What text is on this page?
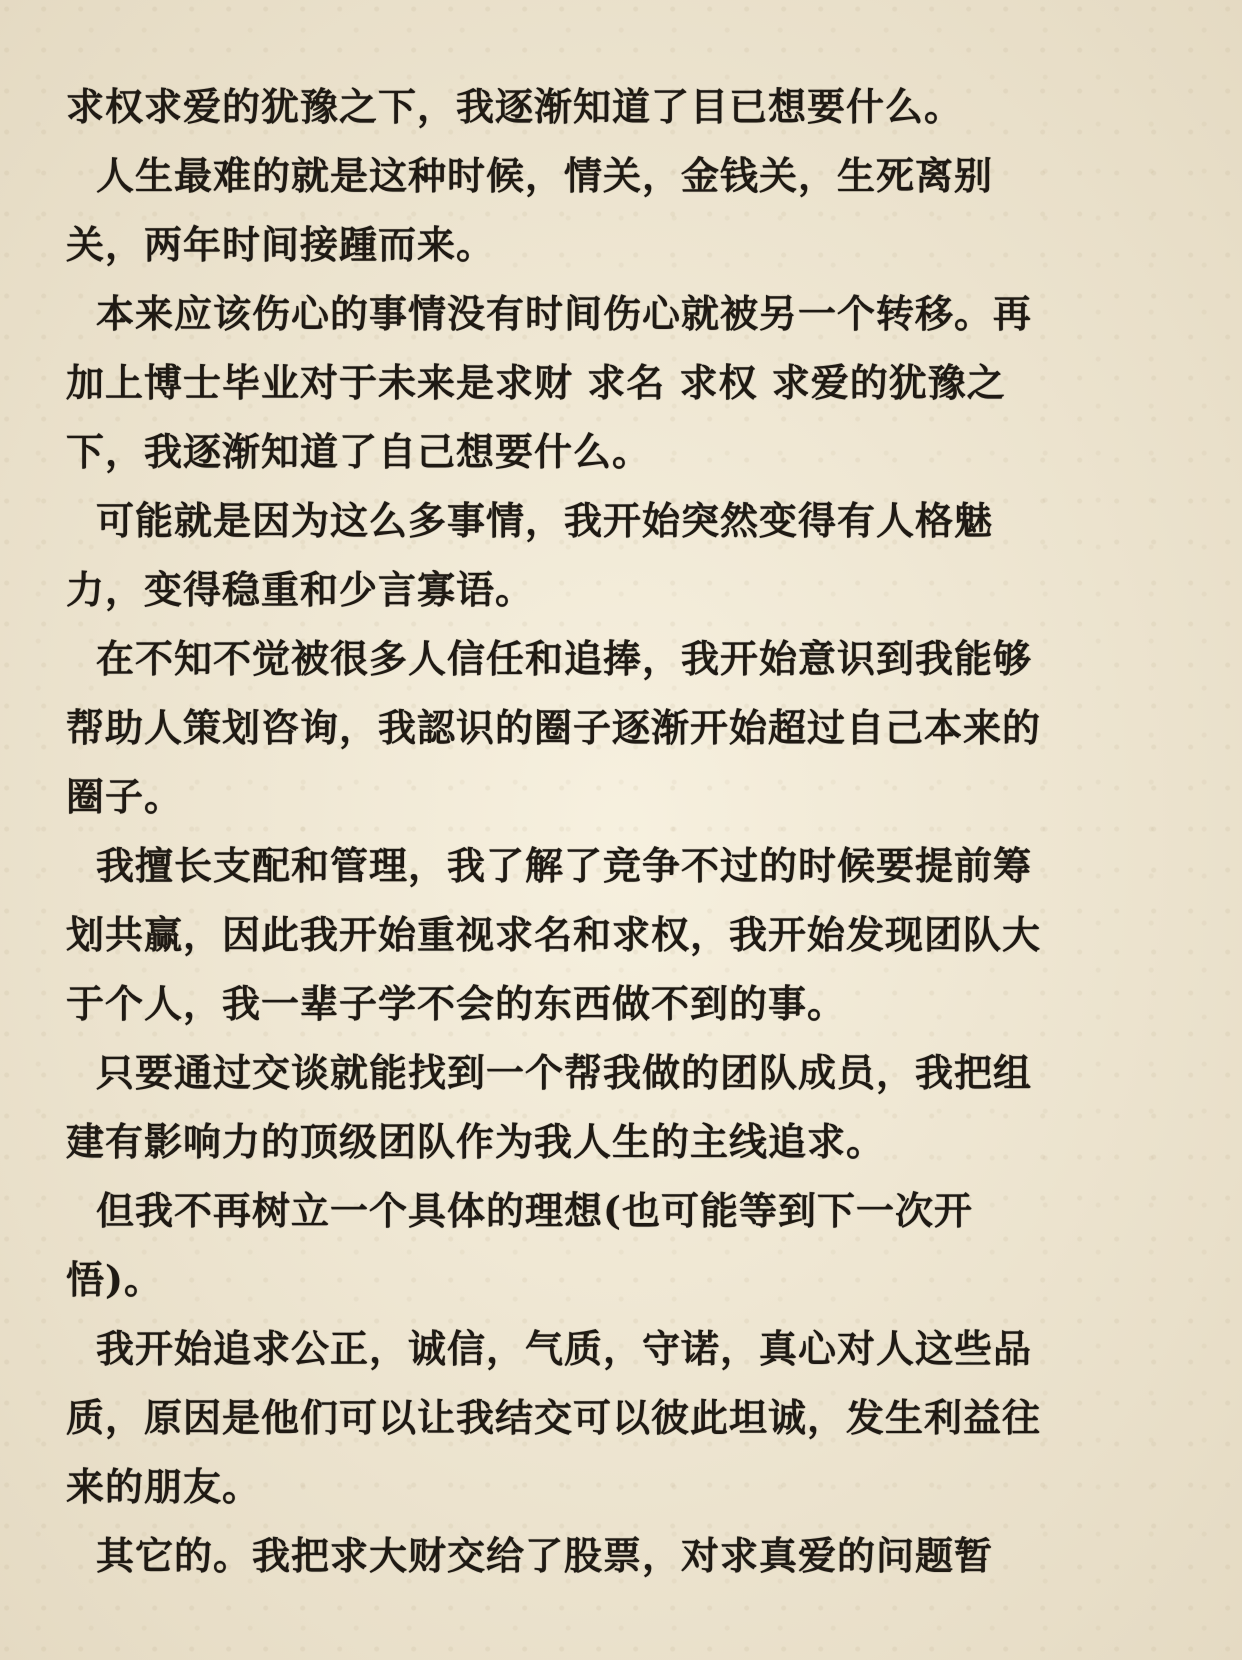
求权求爱的犹豫之下，我逐渐知道了目已想要什么。
人生最难的就是这种时候，情关，金钱关，生死离别
关，两年时间接踵而来。
本来应该伤心的事情没有时间伤心就被另一个转移。再
加上博士毕业对于未来是求财 求名 求权 求爱的犹豫之
下，我逐渐知道了自己想要什么。
可能就是因为这么多事情，我开始突然变得有人格魅
力，变得稳重和少言寡语。
在不知不觉被很多人信任和追捧，我开始意识到我能够
帮助人策划咨询，我認识的圈子逐渐开始超过自己本来的
圈子。
我擅长支配和管理，我了解了竞争不过的时候要提前筹
划共赢，因此我开始重视求名和求权，我开始发现团队大
于个人，我一辈子学不会的东西做不到的事。
只要通过交谈就能找到一个帮我做的团队成员，我把组
建有影响力的顶级团队作为我人生的主线追求。
但我不再树立一个具体的理想(也可能等到下一次开
悟)。
我开始追求公正，诚信，气质，守诺，真心对人这些品
质，原因是他们可以让我结交可以彼此坦诚，发生利益往
来的朋友。
其它的。我把求大财交给了股票，对求真爱的问题暂
